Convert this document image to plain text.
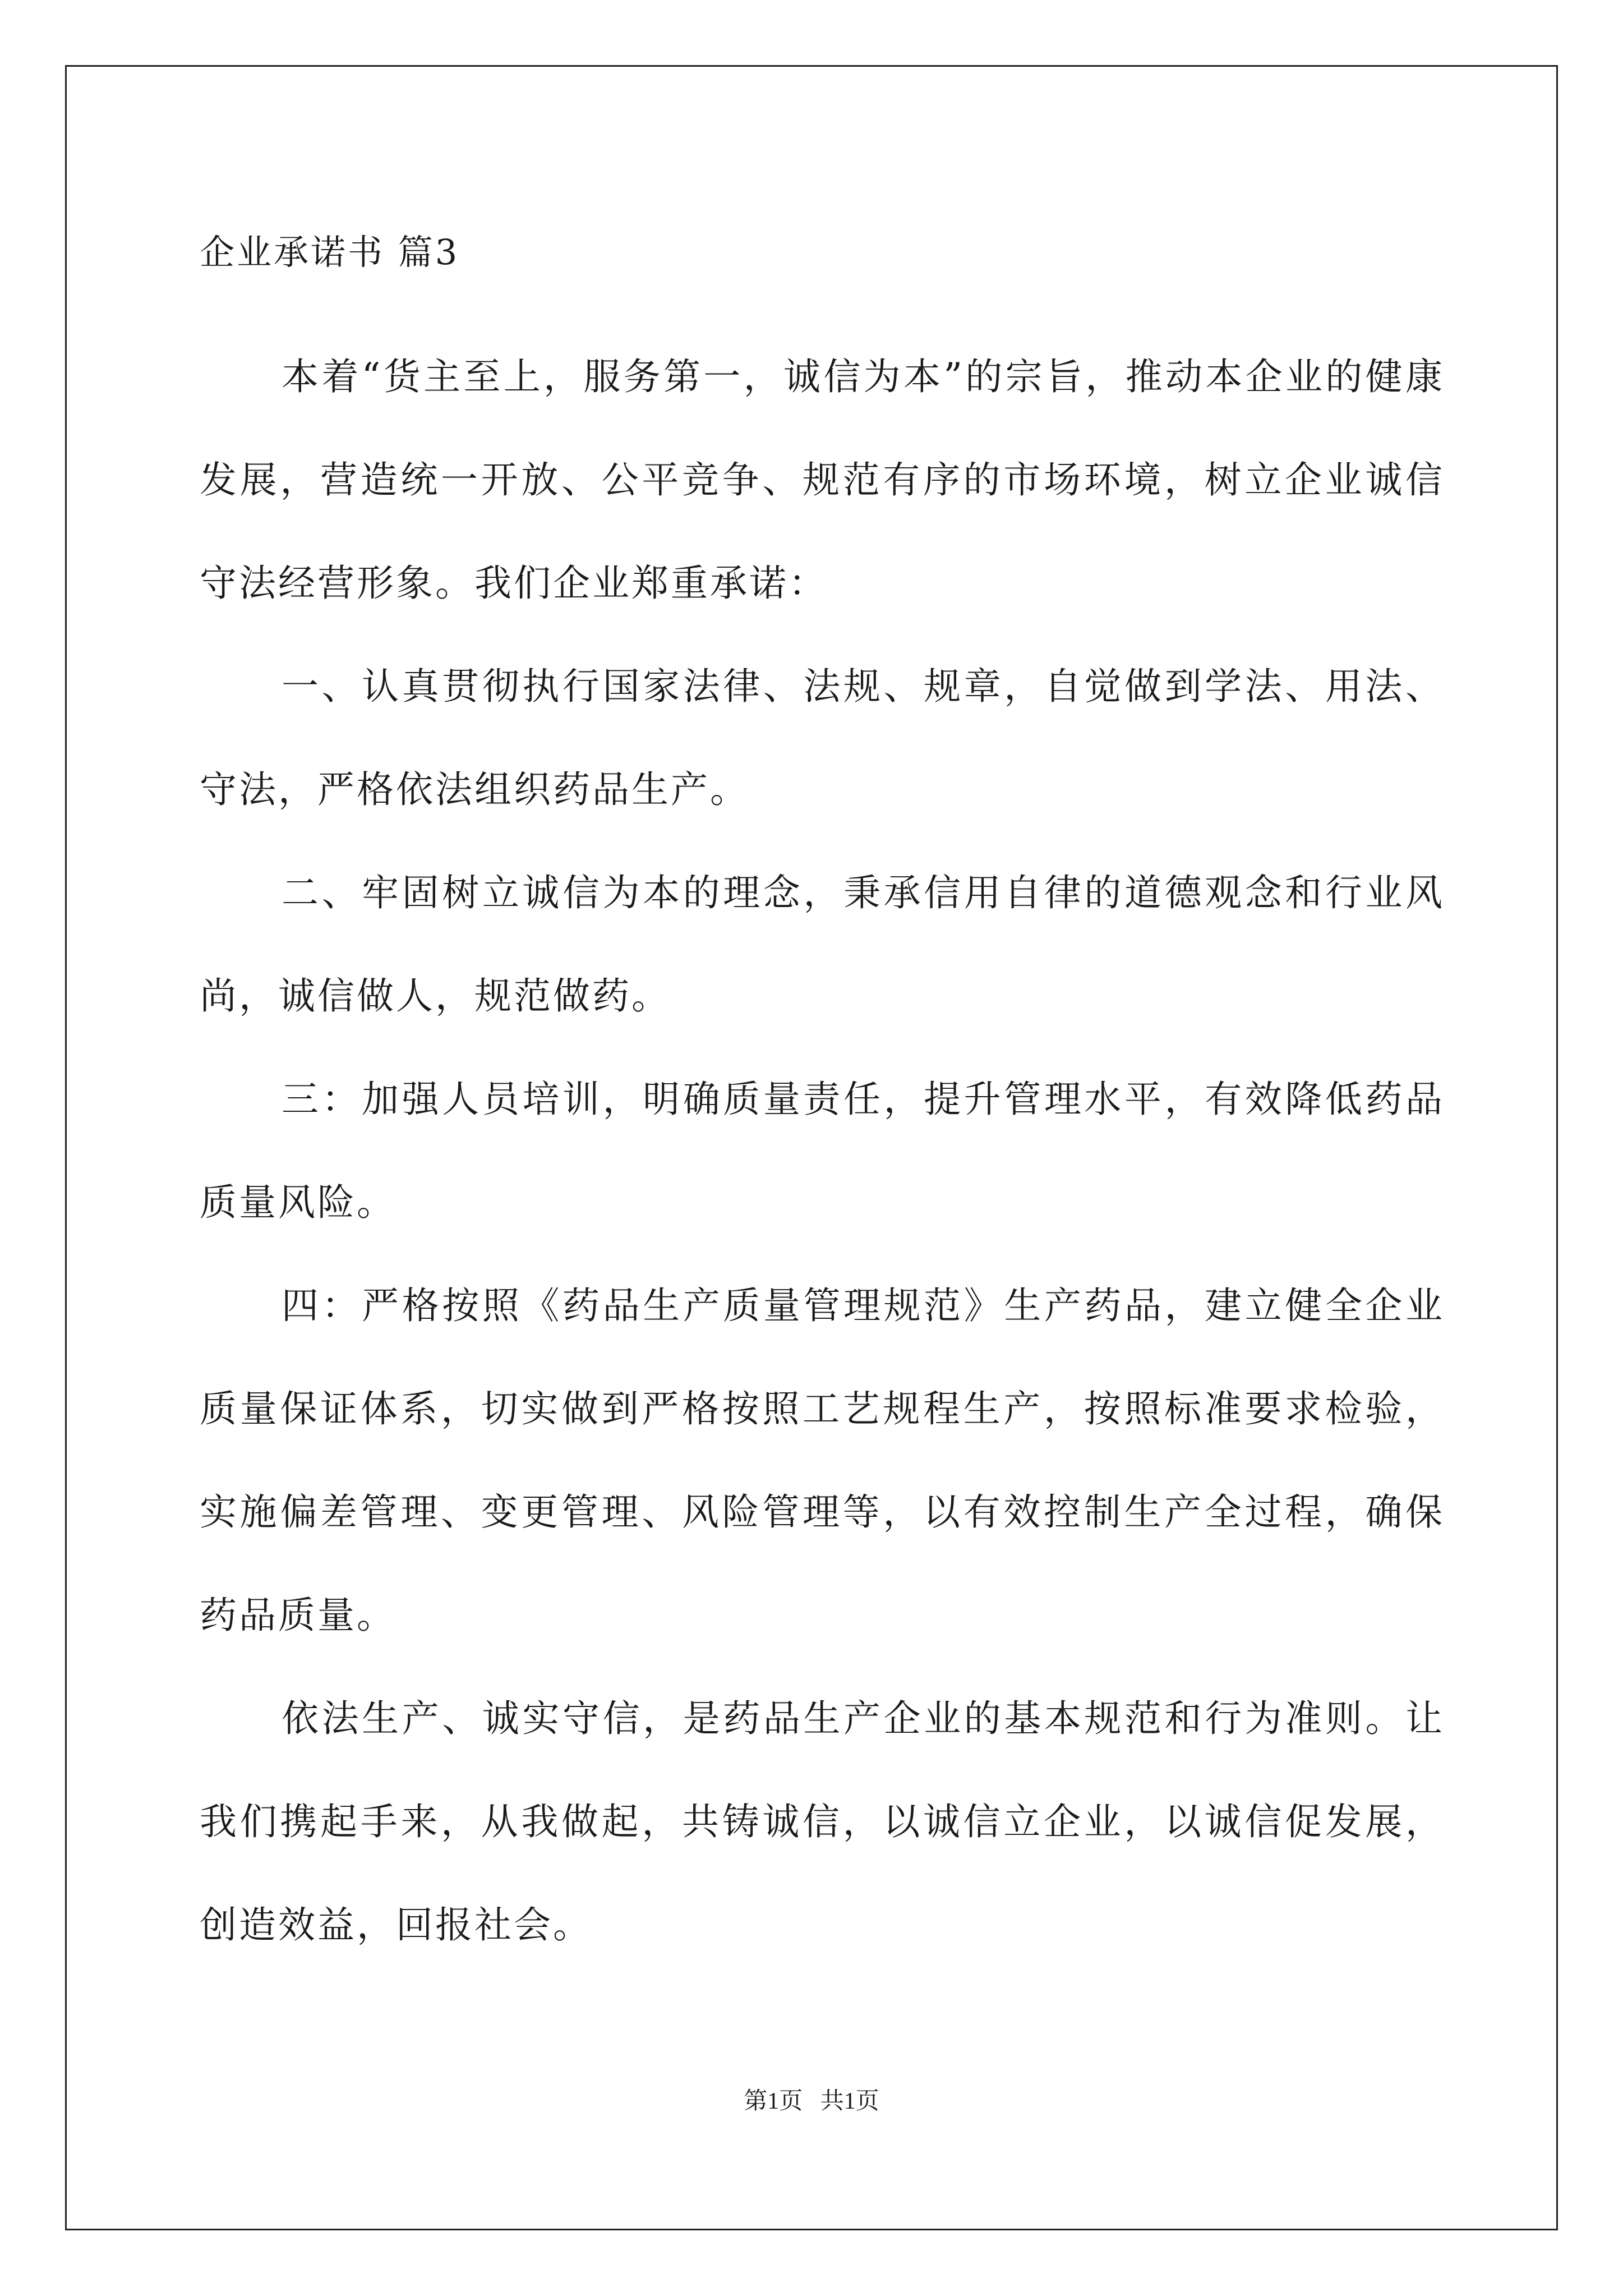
企业承诺书 篇3

本着“货主至上，服务第一，诚信为本”的宗旨，推动本企业的健康发展，营造统一开放、公平竞争、规范有序的市场环境，树立企业诚信守法经营形象。我们企业郑重承诺：

一、认真贯彻执行国家法律、法规、规章，自觉做到学法、用法、守法，严格依法组织药品生产。

二、牢固树立诚信为本的理念，秉承信用自律的道德观念和行业风尚，诚信做人，规范做药。

三：加强人员培训，明确质量责任，提升管理水平，有效降低药品质量风险。

四：严格按照《药品生产质量管理规范》生产药品，建立健全企业质量保证体系，切实做到严格按照工艺规程生产，按照标准要求检验，实施偏差管理、变更管理、风险管理等，以有效控制生产全过程，确保药品质量。

依法生产、诚实守信，是药品生产企业的基本规范和行为准则。让我们携起手来，从我做起，共铸诚信，以诚信立企业，以诚信促发展，创造效益，回报社会。

第1页   共1页
